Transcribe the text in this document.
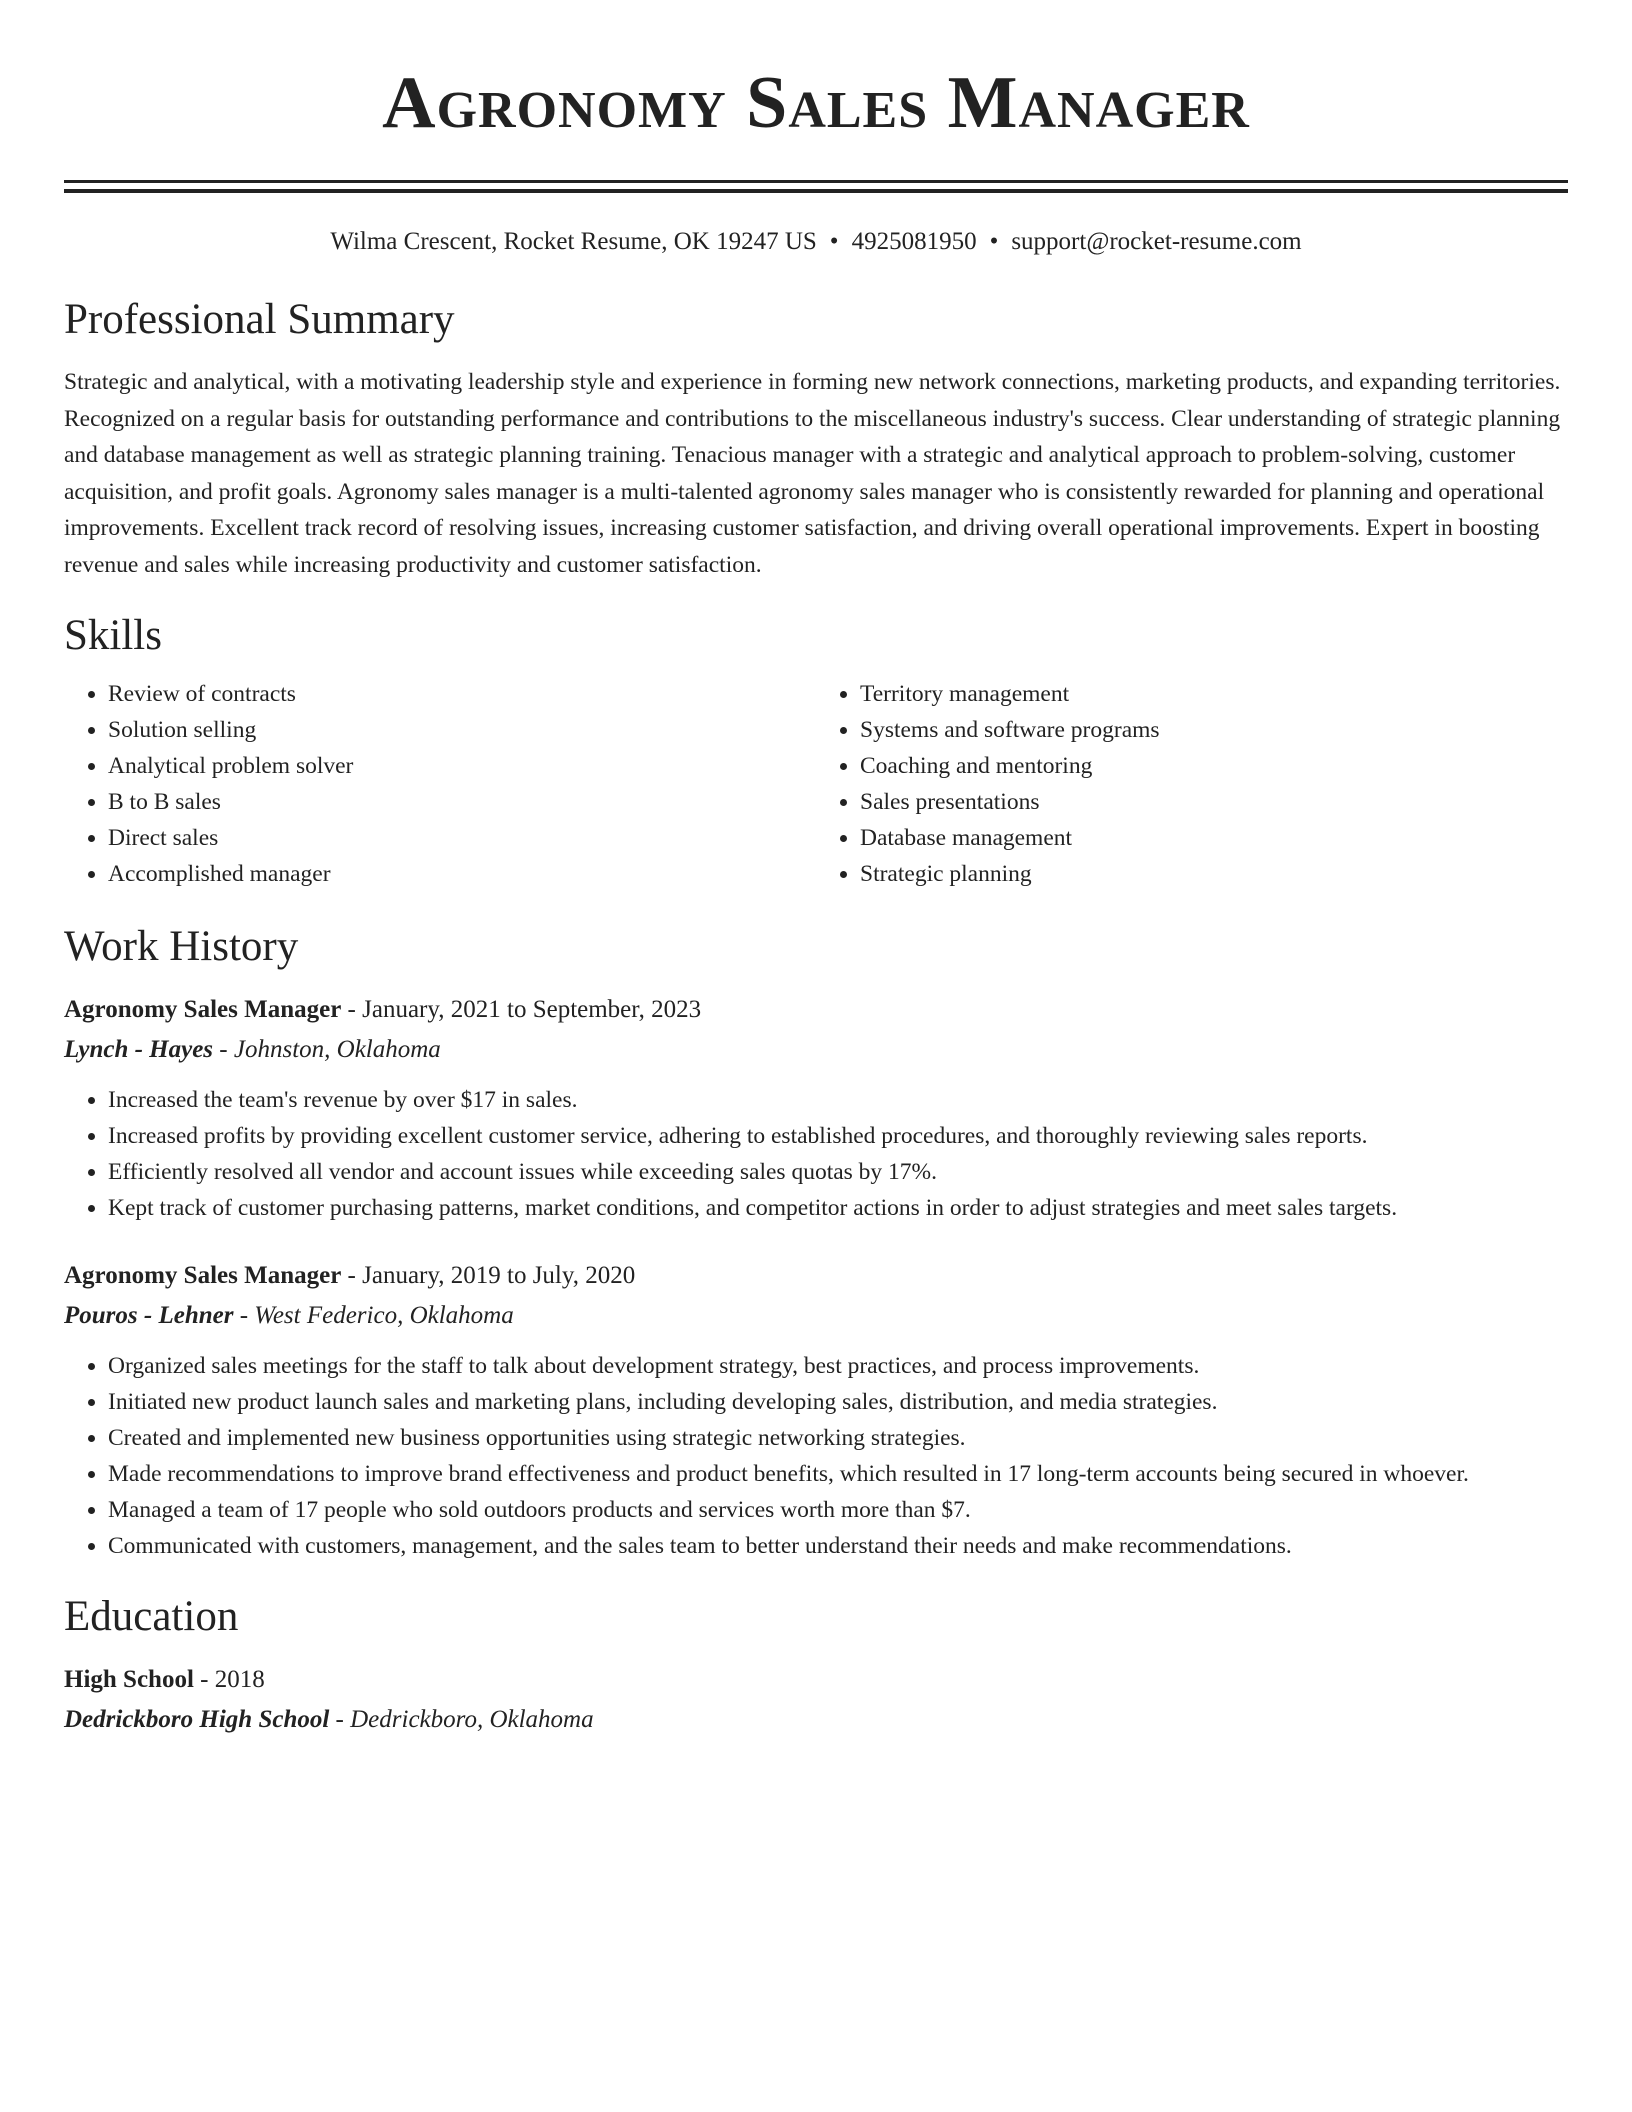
Agronomy Sales Manager
Wilma Crescent, Rocket Resume, OK 19247 US • 4925081950 • support@rocket-resume.com
Professional Summary
Strategic and analytical, with a motivating leadership style and experience in forming new network connections, marketing products, and expanding territories. Recognized on a regular basis for outstanding performance and contributions to the miscellaneous industry's success. Clear understanding of strategic planning and database management as well as strategic planning training. Tenacious manager with a strategic and analytical approach to problem-solving, customer acquisition, and profit goals. Agronomy sales manager is a multi-talented agronomy sales manager who is consistently rewarded for planning and operational improvements. Excellent track record of resolving issues, increasing customer satisfaction, and driving overall operational improvements. Expert in boosting revenue and sales while increasing productivity and customer satisfaction.
Skills
• Review of contracts
• Solution selling
• Analytical problem solver
• B to B sales
• Direct sales
• Accomplished manager
• Territory management
• Systems and software programs
• Coaching and mentoring
• Sales presentations
• Database management
• Strategic planning
Work History
Agronomy Sales Manager - January, 2021 to September, 2023
Lynch - Hayes - Johnston, Oklahoma
• Increased the team's revenue by over $17 in sales.
• Increased profits by providing excellent customer service, adhering to established procedures, and thoroughly reviewing sales reports.
• Efficiently resolved all vendor and account issues while exceeding sales quotas by 17%.
• Kept track of customer purchasing patterns, market conditions, and competitor actions in order to adjust strategies and meet sales targets.
Agronomy Sales Manager - January, 2019 to July, 2020
Pouros - Lehner - West Federico, Oklahoma
• Organized sales meetings for the staff to talk about development strategy, best practices, and process improvements.
• Initiated new product launch sales and marketing plans, including developing sales, distribution, and media strategies.
• Created and implemented new business opportunities using strategic networking strategies.
• Made recommendations to improve brand effectiveness and product benefits, which resulted in 17 long-term accounts being secured in whoever.
• Managed a team of 17 people who sold outdoors products and services worth more than $7.
• Communicated with customers, management, and the sales team to better understand their needs and make recommendations.
Education
High School - 2018
Dedrickboro High School - Dedrickboro, Oklahoma
